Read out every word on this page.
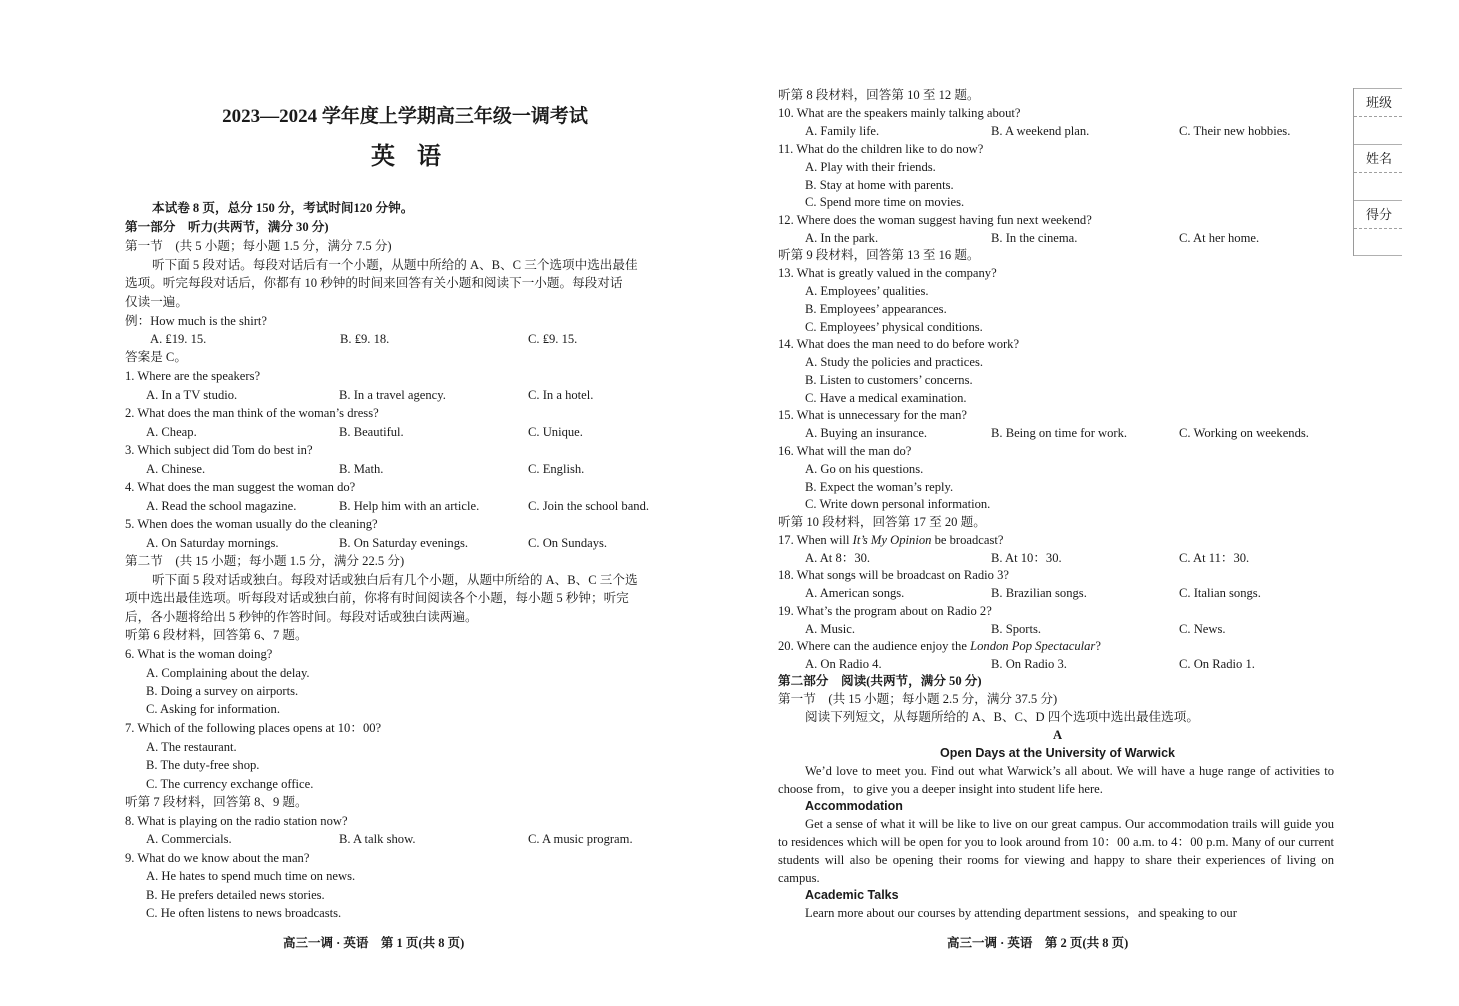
2023—2024 学年度上学期高三年级一调考试
英语
本试卷 8 页，总分 150 分，考试时间120 分钟。
第一部分　听力(共两节，满分 30 分)
第一节　(共 5 小题；每小题 1.5 分，满分 7.5 分)
听下面 5 段对话。每段对话后有一个小题，从题中所给的 A、B、C 三个选项中选出最佳
选项。听完每段对话后，你都有 10 秒钟的时间来回答有关小题和阅读下一小题。每段对话
仅读一遍。
例：How much is the shirt?
A. ₤19. 15.	B. ₤9. 18.	C. ₤9. 15.
答案是 C。
1. Where are the speakers?
A. In a TV studio.	B. In a travel agency.	C. In a hotel.
2. What does the man think of the woman’s dress?
A. Cheap.	B. Beautiful.	C. Unique.
3. Which subject did Tom do best in?
A. Chinese.	B. Math.	C. English.
4. What does the man suggest the woman do?
A. Read the school magazine.	B. Help him with an article.	C. Join the school band.
5. When does the woman usually do the cleaning?
A. On Saturday mornings.	B. On Saturday evenings.	C. On Sundays.
第二节　(共 15 小题；每小题 1.5 分，满分 22.5 分)
听下面 5 段对话或独白。每段对话或独白后有几个小题，从题中所给的 A、B、C 三个选
项中选出最佳选项。听每段对话或独白前，你将有时间阅读各个小题，每小题 5 秒钟；听完
后，各小题将给出 5 秒钟的作答时间。每段对话或独白读两遍。
听第 6 段材料，回答第 6、7 题。
6. What is the woman doing?
A. Complaining about the delay.
B. Doing a survey on airports.
C. Asking for information.
7. Which of the following places opens at 10：00?
A. The restaurant.
B. The duty-free shop.
C. The currency exchange office.
听第 7 段材料，回答第 8、9 题。
8. What is playing on the radio station now?
A. Commercials.	B. A talk show.	C. A music program.
9. What do we know about the man?
A. He hates to spend much time on news.
B. He prefers detailed news stories.
C. He often listens to news broadcasts.
高三一调 · 英语　第 1 页(共 8 页)
听第 8 段材料，回答第 10 至 12 题。
10. What are the speakers mainly talking about?
A. Family life.	B. A weekend plan.	C. Their new hobbies.
11. What do the children like to do now?
A. Play with their friends.
B. Stay at home with parents.
C. Spend more time on movies.
12. Where does the woman suggest having fun next weekend?
A. In the park.	B. In the cinema.	C. At her home.
听第 9 段材料，回答第 13 至 16 题。
13. What is greatly valued in the company?
A. Employees’ qualities.
B. Employees’ appearances.
C. Employees’ physical conditions.
14. What does the man need to do before work?
A. Study the policies and practices.
B. Listen to customers’ concerns.
C. Have a medical examination.
15. What is unnecessary for the man?
A. Buying an insurance.	B. Being on time for work.	C. Working on weekends.
16. What will the man do?
A. Go on his questions.
B. Expect the woman’s reply.
C. Write down personal information.
听第 10 段材料，回答第 17 至 20 题。
17. When will It’s My Opinion be broadcast?
A. At 8：30.	B. At 10：30.	C. At 11：30.
18. What songs will be broadcast on Radio 3?
A. American songs.	B. Brazilian songs.	C. Italian songs.
19. What’s the program about on Radio 2?
A. Music.	B. Sports.	C. News.
20. Where can the audience enjoy the London Pop Spectacular?
A. On Radio 4.	B. On Radio 3.	C. On Radio 1.
第二部分　阅读(共两节，满分 50 分)
第一节　(共 15 小题；每小题 2.5 分，满分 37.5 分)
阅读下列短文，从每题所给的 A、B、C、D 四个选项中选出最佳选项。
A
Open Days at the University of Warwick
We’d love to meet you. Find out what Warwick’s all about. We will have a huge range of activities to choose from，to give you a deeper insight into student life here.
Accommodation
Get a sense of what it will be like to live on our great campus. Our accommodation trails will guide you to residences which will be open for you to look around from 10：00 a.m. to 4：00 p.m. Many of our current students will also be opening their rooms for viewing and happy to share their experiences of living on campus.
Academic Talks
Learn more about our courses by attending department sessions，and speaking to our
高三一调 · 英语　第 2 页(共 8 页)
班级
姓名
得分
